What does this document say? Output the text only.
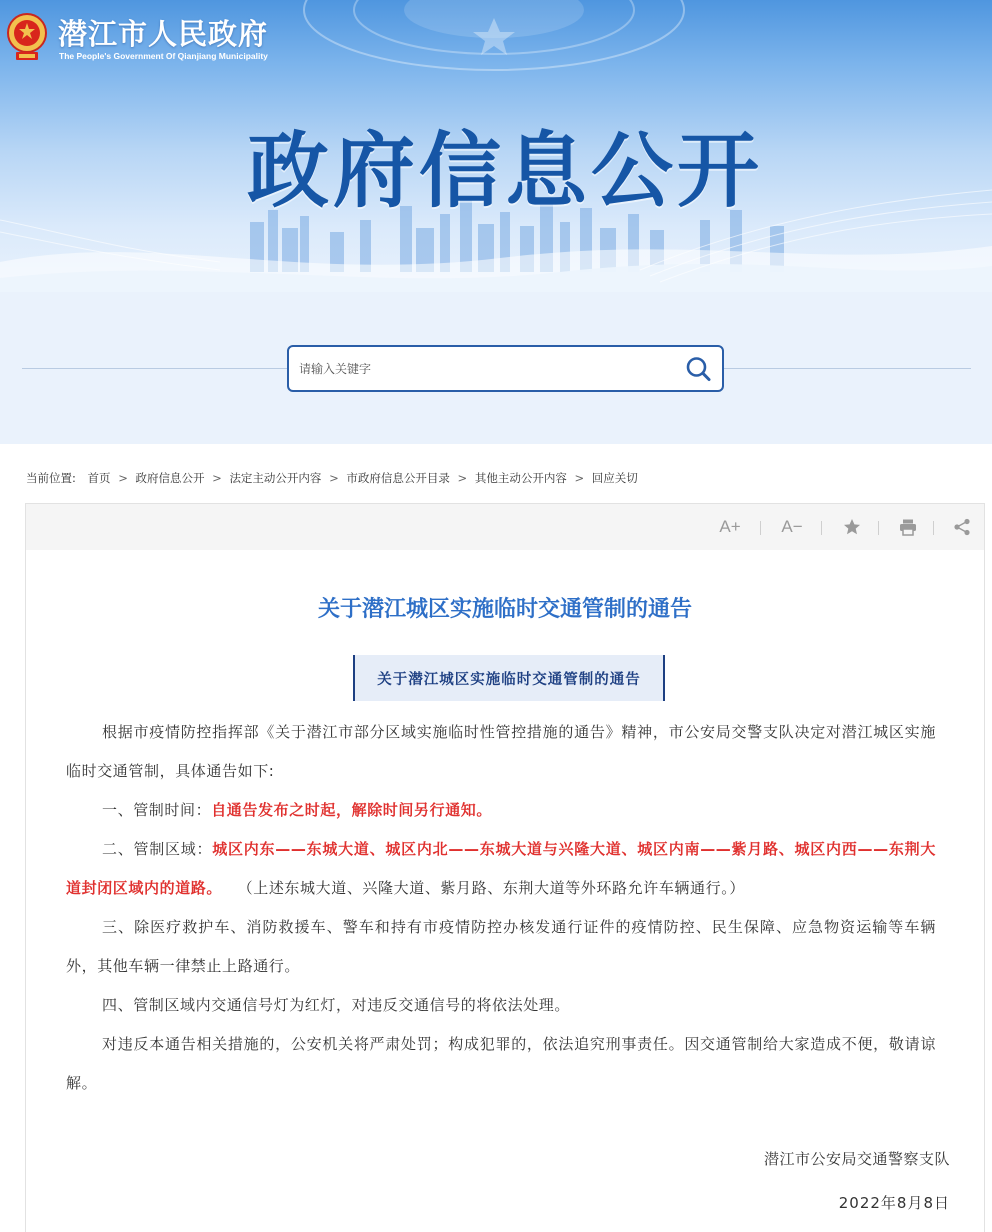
潜江市人民政府
The People's Government Of Qianjiang Municipality
政府信息公开
请输入关键字
当前位置: 首页 > 政府信息公开 > 法定主动公开内容 > 市政府信息公开目录 > 其他主动公开内容 > 回应关切
A+ A−
关于潜江城区实施临时交通管制的通告
关于潜江城区实施临时交通管制的通告

根据市疫情防控指挥部《关于潜江市部分区域实施临时性管控措施的通告》精神，市公安局交警支队决定对潜江城区实施临时交通管制，具体通告如下:

一、管制时间：自通告发布之时起，解除时间另行通知。

二、管制区域：城区内东——东城大道、城区内北——东城大道与兴隆大道、城区内南——紫月路、城区内西——东荆大道封闭区域内的道路。  （上述东城大道、兴隆大道、紫月路、东荆大道等外环路允许车辆通行。）

三、除医疗救护车、消防救援车、警车和持有市疫情防控办核发通行证件的疫情防控、民生保障、应急物资运输等车辆外，其他车辆一律禁止上路通行。

四、管制区域内交通信号灯为红灯，对违反交通信号的将依法处理。

对违反本通告相关措施的，公安机关将严肃处罚；构成犯罪的，依法追究刑事责任。因交通管制给大家造成不便，敬请谅解。

潜江市公安局交通警察支队
2022年8月8日
